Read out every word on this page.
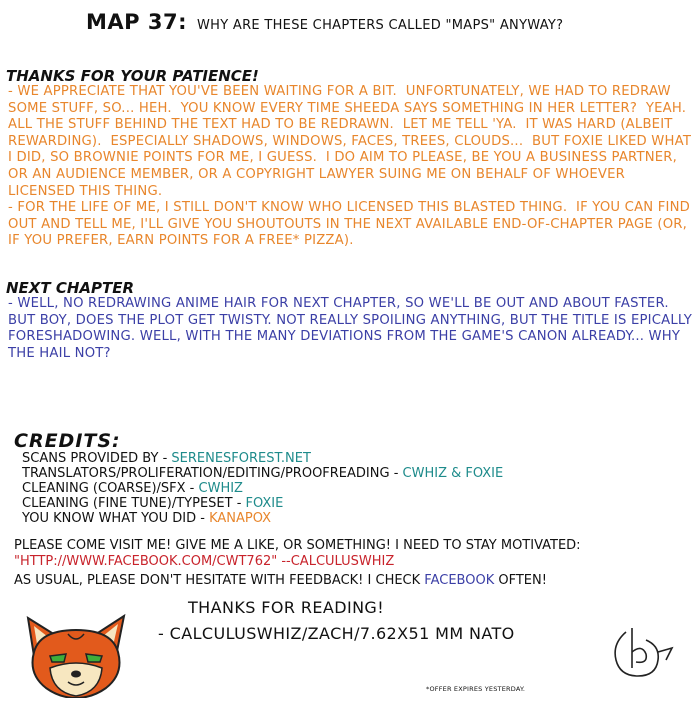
MAP 37: WHY ARE THESE CHAPTERS CALLED "MAPS" ANYWAY?
THANKS FOR YOUR PATIENCE!
- WE APPRECIATE THAT YOU'VE BEEN WAITING FOR A BIT.  UNFORTUNATELY, WE HAD TO REDRAW SOME STUFF, SO... HEH.  YOU KNOW EVERY TIME SHEEDA SAYS SOMETHING IN HER LETTER?  YEAH.  ALL THE STUFF BEHIND THE TEXT HAD TO BE REDRAWN.  LET ME TELL 'YA.  IT WAS HARD (ALBEIT REWARDING).  ESPECIALLY SHADOWS, WINDOWS, FACES, TREES, CLOUDS...  BUT FOXIE LIKED WHAT I DID, SO BROWNIE POINTS FOR ME, I GUESS.  I DO AIM TO PLEASE, BE YOU A BUSINESS PARTNER, OR AN AUDIENCE MEMBER, OR A COPYRIGHT LAWYER SUING ME ON BEHALF OF WHOEVER LICENSED THIS THING.
- FOR THE LIFE OF ME, I STILL DON'T KNOW WHO LICENSED THIS BLASTED THING.  IF YOU CAN FIND OUT AND TELL ME, I'LL GIVE YOU SHOUTOUTS IN THE NEXT AVAILABLE END-OF-CHAPTER PAGE (OR, IF YOU PREFER, EARN POINTS FOR A FREE* PIZZA).
NEXT CHAPTER
- WELL, NO REDRAWING ANIME HAIR FOR NEXT CHAPTER, SO WE'LL BE OUT AND ABOUT FASTER. BUT BOY, DOES THE PLOT GET TWISTY. NOT REALLY SPOILING ANYTHING, BUT THE TITLE IS EPICALLY FORESHADOWING. WELL, WITH THE MANY DEVIATIONS FROM THE GAME'S CANON ALREADY... WHY THE HAIL NOT?
CREDITS:
SCANS PROVIDED BY - SERENESFOREST.NET
TRANSLATORS/PROLIFERATION/EDITING/PROOFREADING - CWHIZ & FOXIE
CLEANING (COARSE)/SFX - CWHIZ
CLEANING (FINE TUNE)/TYPESET - FOXIE
YOU KNOW WHAT YOU DID - KANAPOX
PLEASE COME VISIT ME! GIVE ME A LIKE, OR SOMETHING! I NEED TO STAY MOTIVATED:
"HTTP://WWW.FACEBOOK.COM/CWT762" --CALCULUSWHIZ
AS USUAL, PLEASE DON'T HESITATE WITH FEEDBACK! I CHECK FACEBOOK OFTEN!
THANKS FOR READING!
- CALCULUSWHIZ/ZACH/7.62X51 MM NATO
*OFFER EXPIRES YESTERDAY.
